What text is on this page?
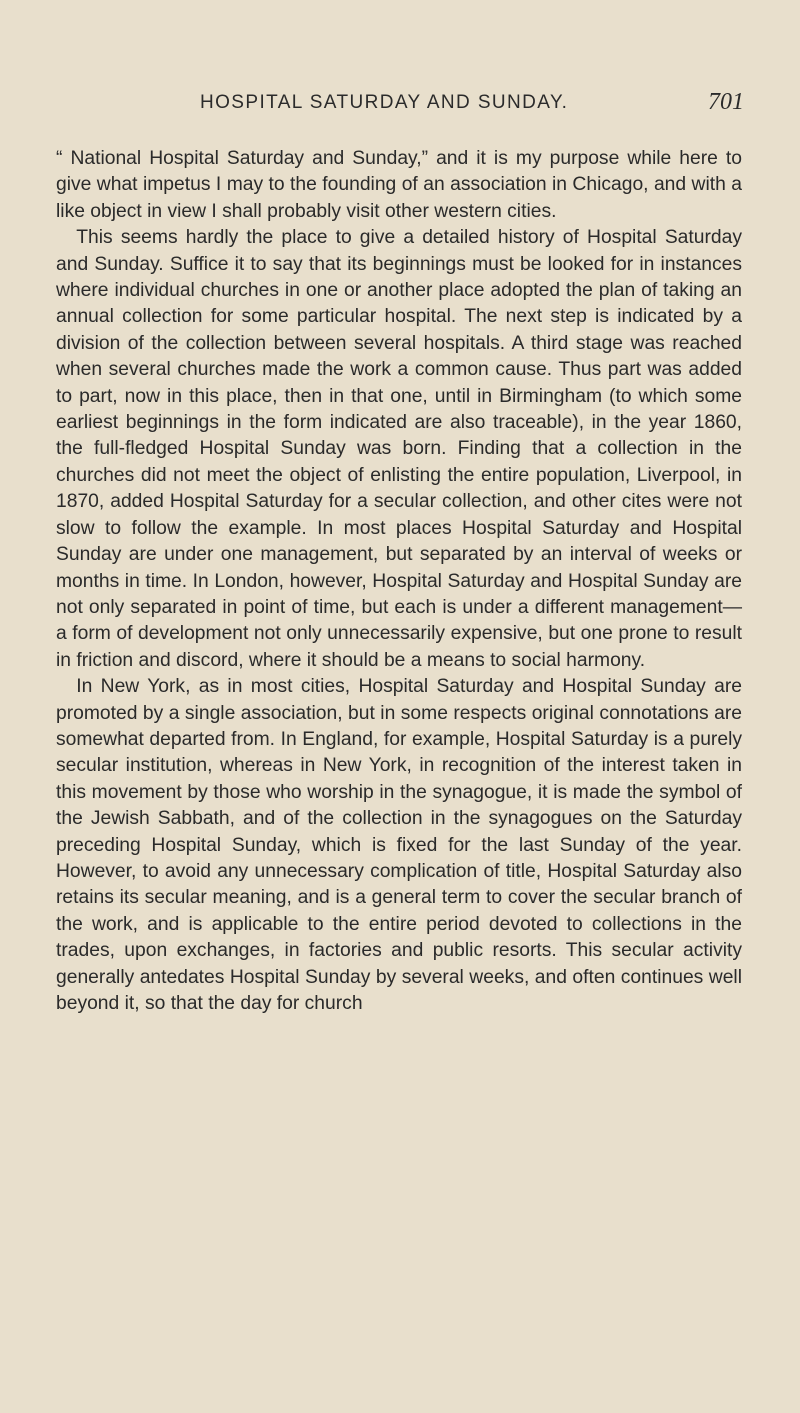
HOSPITAL SATURDAY AND SUNDAY.	701

“ National Hospital Saturday and Sunday,” and it is my purpose while here to give what impetus I may to the founding of an association in Chicago, and with a like object in view I shall probably visit other western cities.

This seems hardly the place to give a detailed history of Hospital Saturday and Sunday. Suffice it to say that its beginnings must be looked for in instances where individual churches in one or another place adopted the plan of taking an annual collection for some particular hospital. The next step is indicated by a division of the collection between several hospitals. A third stage was reached when several churches made the work a common cause. Thus part was added to part, now in this place, then in that one, until in Birmingham (to which some earliest beginnings in the form indicated are also traceable), in the year 1860, the full-fledged Hospital Sunday was born. Finding that a collection in the churches did not meet the object of enlisting the entire population, Liverpool, in 1870, added Hospital Saturday for a secular collection, and other cites were not slow to follow the example. In most places Hospital Saturday and Hospital Sunday are under one management, but separated by an interval of weeks or months in time. In London, however, Hospital Saturday and Hospital Sunday are not only separated in point of time, but each is under a different management—a form of development not only unnecessarily expensive, but one prone to result in friction and discord, where it should be a means to social harmony.

In New York, as in most cities, Hospital Saturday and Hospital Sunday are promoted by a single association, but in some respects original connotations are somewhat departed from. In England, for example, Hospital Saturday is a purely secular institution, whereas in New York, in recognition of the interest taken in this movement by those who worship in the synagogue, it is made the symbol of the Jewish Sabbath, and of the collection in the synagogues on the Saturday preceding Hospital Sunday, which is fixed for the last Sunday of the year. However, to avoid any unnecessary complication of title, Hospital Saturday also retains its secular meaning, and is a general term to cover the secular branch of the work, and is applicable to the entire period devoted to collections in the trades, upon exchanges, in factories and public resorts. This secular activity generally antedates Hospital Sunday by several weeks, and often continues well beyond it, so that the day for church
